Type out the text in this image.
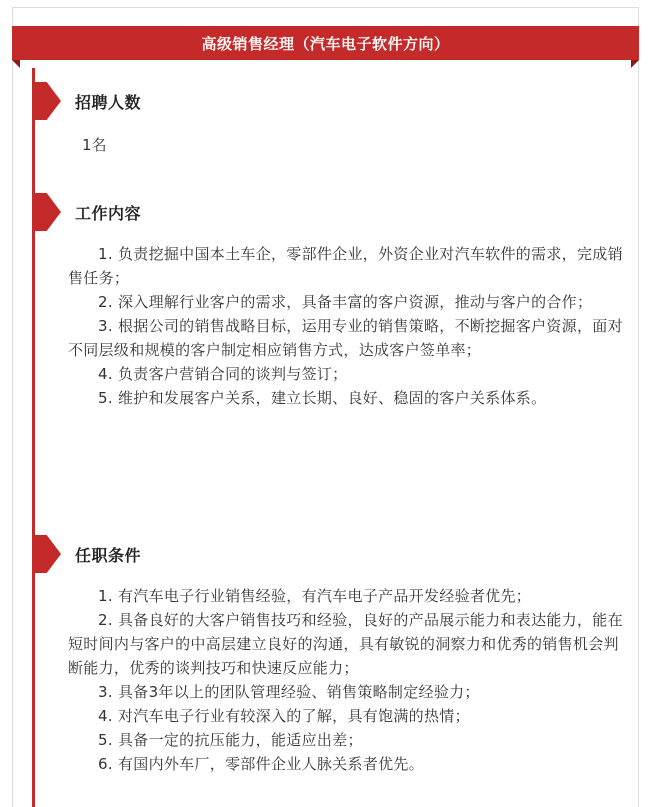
高级销售经理（汽车电子软件方向）
招聘人数
1名
工作内容

1. 负责挖掘中国本土车企，零部件企业，外资企业对汽车软件的需求，完成销售任务；

2. 深入理解行业客户的需求，具备丰富的客户资源，推动与客户的合作；

3. 根据公司的销售战略目标，运用专业的销售策略，不断挖掘客户资源，面对不同层级和规模的客户制定相应销售方式，达成客户签单率；

4. 负责客户营销合同的谈判与签订；

5. 维护和发展客户关系，建立长期、良好、稳固的客户关系体系。

任职条件

1. 有汽车电子行业销售经验，有汽车电子产品开发经验者优先；

2. 具备良好的大客户销售技巧和经验，良好的产品展示能力和表达能力，能在短时间内与客户的中高层建立良好的沟通，具有敏锐的洞察力和优秀的销售机会判断能力，优秀的谈判技巧和快速反应能力；

3. 具备3年以上的团队管理经验、销售策略制定经验力；

4. 对汽车电子行业有较深入的了解，具有饱满的热情；

5. 具备一定的抗压能力，能适应出差；

6. 有国内外车厂，零部件企业人脉关系者优先。
